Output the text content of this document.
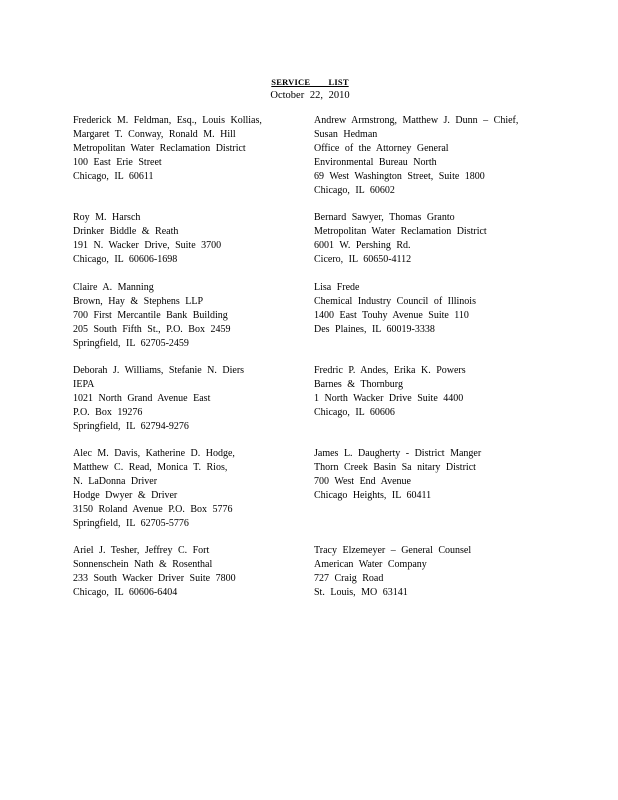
SERVICE LIST
October 22, 2010
Frederick M. Feldman, Esq., Louis Kollias,
Margaret T. Conway, Ronald M. Hill
Metropolitan Water Reclamation District
100 East Erie Street
Chicago, IL 60611
Andrew Armstrong, Matthew J. Dunn – Chief,
Susan Hedman
Office of the Attorney General
Environmental Bureau North
69 West Washington Street, Suite 1800
Chicago, IL 60602
Roy M. Harsch
Drinker Biddle & Reath
191 N. Wacker Drive, Suite 3700
Chicago, IL 60606-1698
Bernard Sawyer, Thomas Granto
Metropolitan Water Reclamation District
6001 W. Pershing Rd.
Cicero, IL 60650-4112
Claire A. Manning
Brown, Hay & Stephens LLP
700 First Mercantile Bank Building
205 South Fifth St., P.O. Box 2459
Springfield, IL 62705-2459
Lisa Frede
Chemical Industry Council of Illinois
1400 East Touhy Avenue Suite 110
Des Plaines, IL 60019-3338
Deborah J. Williams, Stefanie N. Diers
IEPA
1021 North Grand Avenue East
P.O. Box 19276
Springfield, IL 62794-9276
Fredric P. Andes, Erika K. Powers
Barnes & Thornburg
1 North Wacker Drive Suite 4400
Chicago, IL 60606
Alec M. Davis, Katherine D. Hodge,
Matthew C. Read, Monica T. Rios,
N. LaDonna Driver
Hodge Dwyer & Driver
3150 Roland Avenue P.O. Box 5776
Springfield, IL 62705-5776
James L. Daugherty - District Manger
Thorn Creek Basin Sa nitary District
700 West End Avenue
Chicago Heights, IL 60411
Ariel J. Tesher, Jeffrey C. Fort
Sonnenschein Nath & Rosenthal
233 South Wacker Driver Suite 7800
Chicago, IL 60606-6404
Tracy Elzemeyer – General Counsel
American Water Company
727 Craig Road
St. Louis, MO 63141
